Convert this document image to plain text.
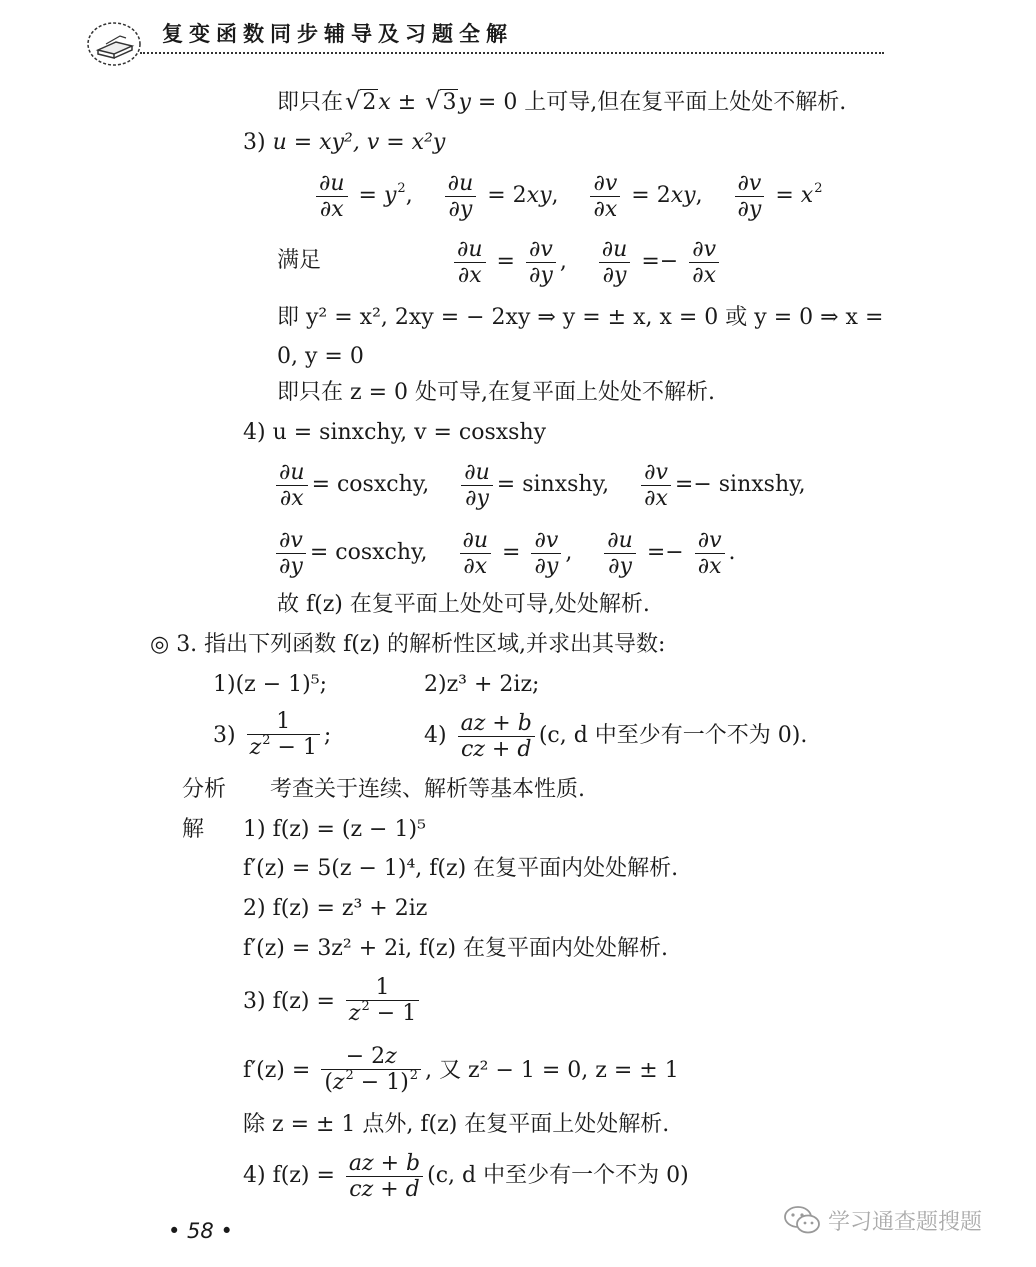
复变函数同步辅导及习题全解
即只在√2x ± √3y = 0 上可导,但在复平面上处处不解析.
3) u = xy², v = x²y
$\frac{\partial u}{\partial x} = y^2$, $\frac{\partial u}{\partial y} = 2xy$, $\frac{\partial v}{\partial x} = 2xy$, $\frac{\partial v}{\partial y} = x^2$
满足	$\frac{\partial u}{\partial x} = \frac{\partial v}{\partial y}$ , $\frac{\partial u}{\partial y} =- \frac{\partial v}{\partial x}$
即 y² = x², 2xy = − 2xy ⇒ y = ± x, x = 0 或 y = 0 ⇒ x =
0, y = 0
即只在 z = 0 处可导,在复平面上处处不解析.
4) u = sinxchy, v = cosxshy
$\frac{\partial u}{\partial x}$ = cosxchy, $\frac{\partial u}{\partial y}$ = sinxshy, $\frac{\partial v}{\partial x}$ =− sinxshy,
$\frac{\partial v}{\partial y}$ = cosxchy, $\frac{\partial u}{\partial x} = \frac{\partial v}{\partial y}$ , $\frac{\partial u}{\partial y} =- \frac{\partial v}{\partial x}$ .
故 f(z) 在复平面上处处可导,处处解析.
◎ 3. 指出下列函数 f(z) 的解析性区域,并求出其导数:
1)(z − 1)⁵;	2)z³ + 2iz;
$3) \frac{1}{z^2 - 1}$ ;	$4) \frac{az + b}{cz + d} (c$, d 中至少有一个不为 0).
分析 考查关于连续、解析等基本性质.
解 1) f(z) = (z − 1)⁵
f′(z) = 5(z − 1)⁴, f(z) 在复平面内处处解析.
2) f(z) = z³ + 2iz
f′(z) = 3z² + 2i, f(z) 在复平面内处处解析.
3) $f(z) = \frac{1}{z^2 - 1}$
$f'(z) = \frac{- 2z}{(z^2 - 1)^2}$ , 又 z² − 1 = 0, z = ± 1
除 z = ± 1 点外, f(z) 在复平面上处处解析.
4) $f(z) = \frac{az + b}{cz + d} (c$, d 中至少有一个不为 0)
• 58 •	学习通查题搜题
